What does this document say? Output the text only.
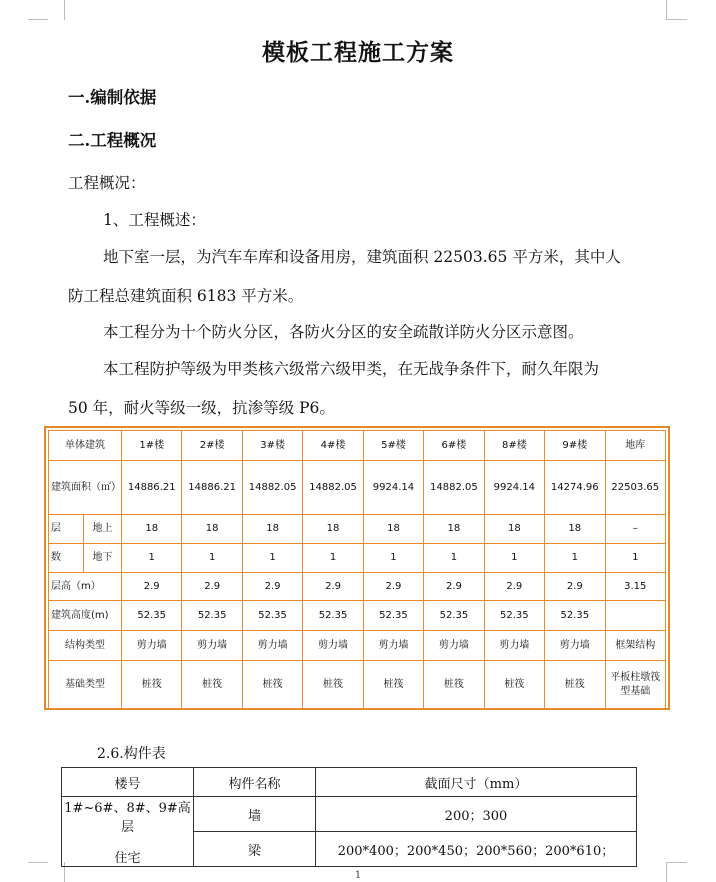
模板工程施工方案
一.编制依据
二.工程概况
工程概况：
1、工程概述：
地下室一层，为汽车车库和设备用房，建筑面积 22503.65 平方米，其中人
防工程总建筑面积 6183 平方米。
本工程分为十个防火分区，各防火分区的安全疏散详防火分区示意图。
本工程防护等级为甲类核六级常六级甲类，在无战争条件下，耐久年限为
50 年，耐火等级一级，抗渗等级 P6。
单体建筑		1#楼	2#楼	3#楼	4#楼	5#楼	6#楼	8#楼	9#楼	地库
建筑面积（㎡）		14886.21	14886.21	14882.05	14882.05	9924.14	14882.05	9924.14	14274.96	22503.65
层	地上	18	18	18	18	18	18	18	18	–
数	地下	1	1	1	1	1	1	1	1	1
层高（m）		2.9	2.9	2.9	2.9	2.9	2.9	2.9	2.9	3.15
建筑高度(m)		52.35	52.35	52.35	52.35	52.35	52.35	52.35	52.35	
结构类型		剪力墙	剪力墙	剪力墙	剪力墙	剪力墙	剪力墙	剪力墙	剪力墙	框架结构
基础类型		桩筏	桩筏	桩筏	桩筏	桩筏	桩筏	桩筏	桩筏	平板柱墩筏型基础
2.6.构件表
楼号	构件名称	截面尺寸（mm）

1#~6#、8#、9#高层
住宅	墙	200；300
	梁	200*400；200*450；200*560；200*610；
1
